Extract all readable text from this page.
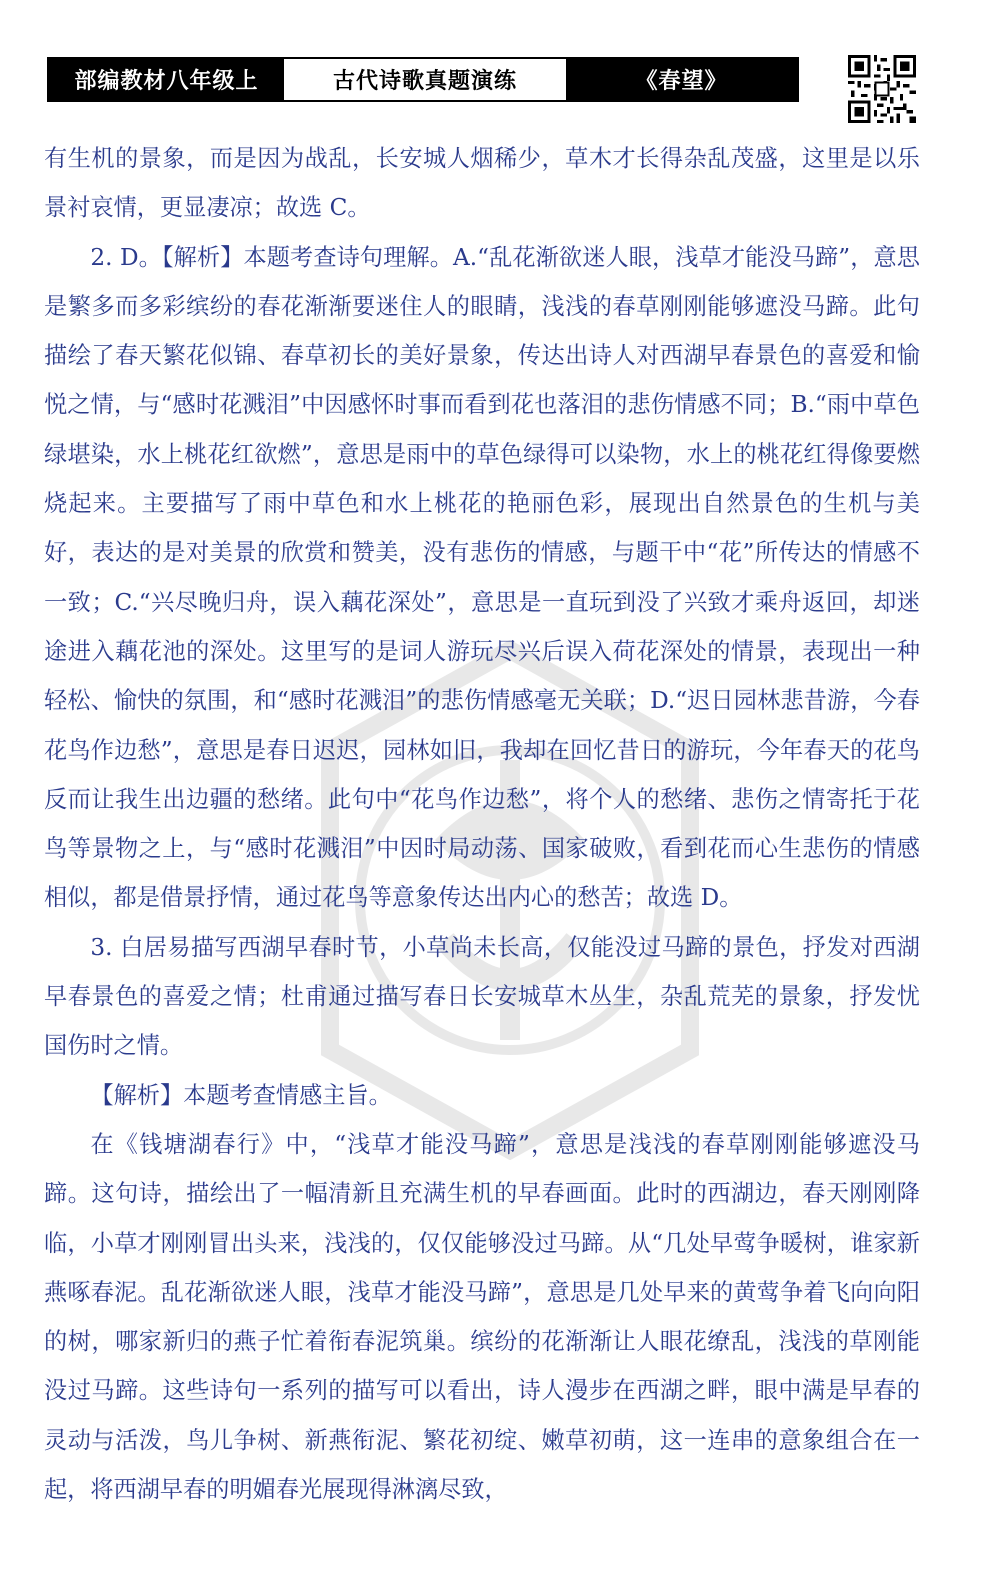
部编教材八年级上	古代诗歌真题演练	《春望》

有生机的景象，而是因为战乱，长安城人烟稀少，草木才长得杂乱茂盛，这里是以乐景衬哀情，更显凄凉；故选 C。

2. D。【解析】本题考查诗句理解。A.“乱花渐欲迷人眼，浅草才能没马蹄”，意思是繁多而多彩缤纷的春花渐渐要迷住人的眼睛，浅浅的春草刚刚能够遮没马蹄。此句描绘了春天繁花似锦、春草初长的美好景象，传达出诗人对西湖早春景色的喜爱和愉悦之情，与“感时花溅泪”中因感怀时事而看到花也落泪的悲伤情感不同；B.“雨中草色绿堪染，水上桃花红欲燃”，意思是雨中的草色绿得可以染物，水上的桃花红得像要燃烧起来。主要描写了雨中草色和水上桃花的艳丽色彩，展现出自然景色的生机与美好，表达的是对美景的欣赏和赞美，没有悲伤的情感，与题干中“花”所传达的情感不一致；C.“兴尽晚归舟，误入藕花深处”，意思是一直玩到没了兴致才乘舟返回，却迷途进入藕花池的深处。这里写的是词人游玩尽兴后误入荷花深处的情景，表现出一种轻松、愉快的氛围，和“感时花溅泪”的悲伤情感毫无关联；D.“迟日园林悲昔游，今春花鸟作边愁”，意思是春日迟迟，园林如旧，我却在回忆昔日的游玩，今年春天的花鸟反而让我生出边疆的愁绪。此句中“花鸟作边愁”，将个人的愁绪、悲伤之情寄托于花鸟等景物之上，与“感时花溅泪”中因时局动荡、国家破败，看到花而心生悲伤的情感相似，都是借景抒情，通过花鸟等意象传达出内心的愁苦；故选 D。

3. 白居易描写西湖早春时节，小草尚未长高，仅能没过马蹄的景色，抒发对西湖早春景色的喜爱之情；杜甫通过描写春日长安城草木丛生，杂乱荒芜的景象，抒发忧国伤时之情。

【解析】本题考查情感主旨。

在《钱塘湖春行》中，“浅草才能没马蹄”，意思是浅浅的春草刚刚能够遮没马蹄。这句诗，描绘出了一幅清新且充满生机的早春画面。此时的西湖边，春天刚刚降临，小草才刚刚冒出头来，浅浅的，仅仅能够没过马蹄。从“几处早莺争暖树，谁家新燕啄春泥。乱花渐欲迷人眼，浅草才能没马蹄”，意思是几处早来的黄莺争着飞向向阳的树，哪家新归的燕子忙着衔春泥筑巢。缤纷的花渐渐让人眼花缭乱，浅浅的草刚能没过马蹄。这些诗句一系列的描写可以看出，诗人漫步在西湖之畔，眼中满是早春的灵动与活泼，鸟儿争树、新燕衔泥、繁花初绽、嫩草初萌，这一连串的意象组合在一起，将西湖早春的明媚春光展现得淋漓尽致，
